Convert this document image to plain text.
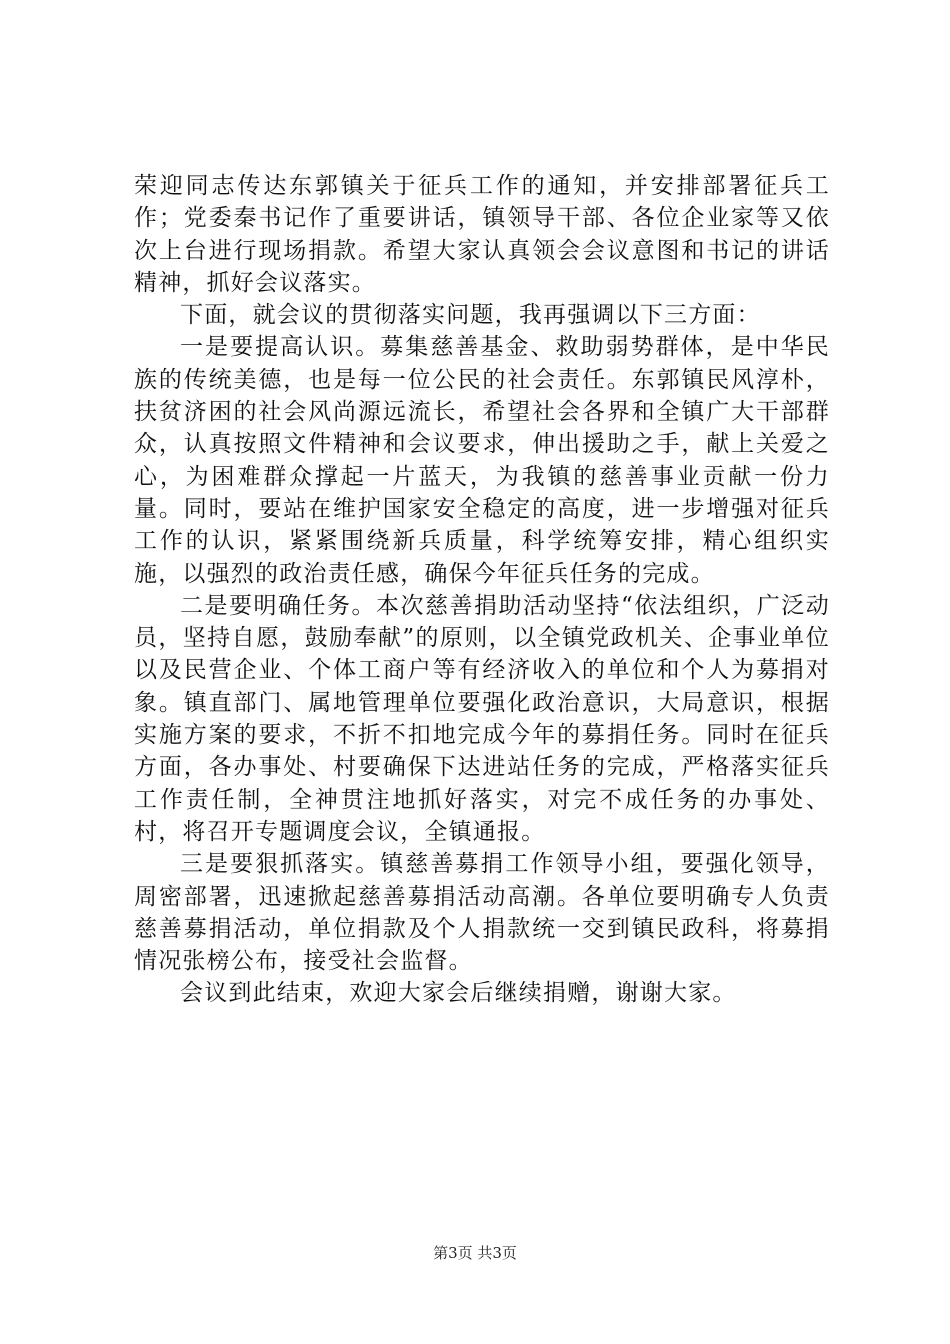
荣迎同志传达东郭镇关于征兵工作的通知，并安排部署征兵工作；党委秦书记作了重要讲话，镇领导干部、各位企业家等又依次上台进行现场捐款。希望大家认真领会会议意图和书记的讲话精神，抓好会议落实。

下面，就会议的贯彻落实问题，我再强调以下三方面：

一是要提高认识。募集慈善基金、救助弱势群体，是中华民族的传统美德，也是每一位公民的社会责任。东郭镇民风淳朴，扶贫济困的社会风尚源远流长，希望社会各界和全镇广大干部群众，认真按照文件精神和会议要求，伸出援助之手，献上关爱之心，为困难群众撑起一片蓝天，为我镇的慈善事业贡献一份力量。同时，要站在维护国家安全稳定的高度，进一步增强对征兵工作的认识，紧紧围绕新兵质量，科学统筹安排，精心组织实施，以强烈的政治责任感，确保今年征兵任务的完成。

二是要明确任务。本次慈善捐助活动坚持“依法组织，广泛动员，坚持自愿，鼓励奉献”的原则，以全镇党政机关、企事业单位以及民营企业、个体工商户等有经济收入的单位和个人为募捐对象。镇直部门、属地管理单位要强化政治意识，大局意识，根据实施方案的要求，不折不扣地完成今年的募捐任务。同时在征兵方面，各办事处、村要确保下达进站任务的完成，严格落实征兵工作责任制，全神贯注地抓好落实，对完不成任务的办事处、村，将召开专题调度会议，全镇通报。

三是要狠抓落实。镇慈善募捐工作领导小组，要强化领导，周密部署，迅速掀起慈善募捐活动高潮。各单位要明确专人负责慈善募捐活动，单位捐款及个人捐款统一交到镇民政科，将募捐情况张榜公布，接受社会监督。

会议到此结束，欢迎大家会后继续捐赠，谢谢大家。

第3页 共3页
